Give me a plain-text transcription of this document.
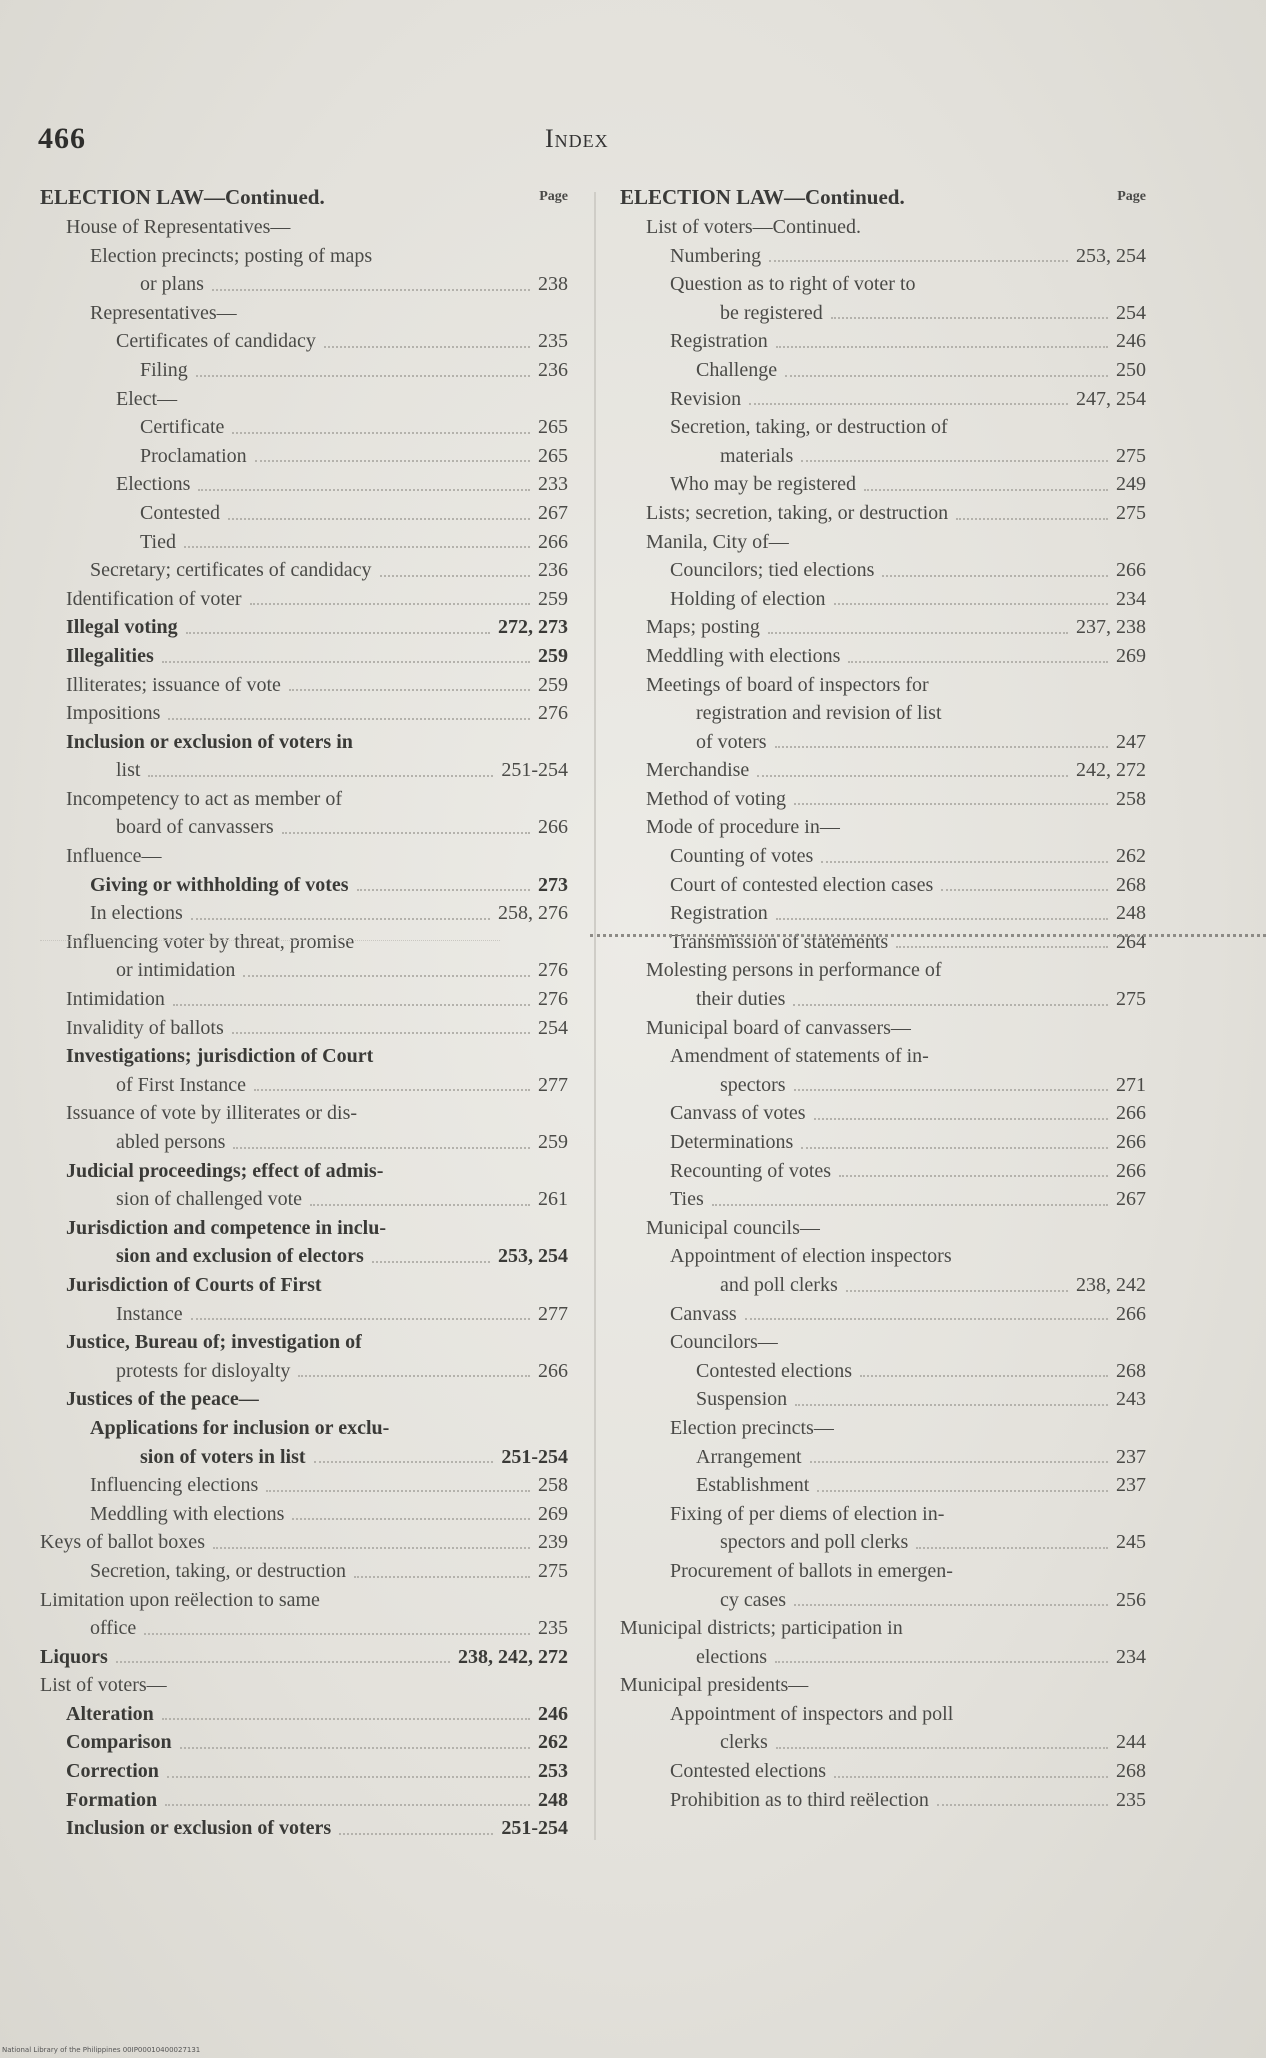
466	Index
ELECTION LAW—Continued.	Page
House of Representatives—
Election precincts; posting of maps
or plans	238
Representatives—
Certificates of candidacy	235
Filing	236
Elect—
Certificate	265
Proclamation	265
Elections	233
Contested	267
Tied	266
Secretary; certificates of candidacy	236
Identification of voter	259
Illegal voting	272, 273
Illegalities	259
Illiterates; issuance of vote	259
Impositions	276
Inclusion or exclusion of voters in
list	251-254
Incompetency to act as member of
board of canvassers	266
Influence—
Giving or withholding of votes	273
In elections	258, 276
Influencing voter by threat, promise
or intimidation	276
Intimidation	276
Invalidity of ballots	254
Investigations; jurisdiction of Court
of First Instance	277
Issuance of vote by illiterates or dis-
abled persons	259
Judicial proceedings; effect of admis-
sion of challenged vote	261
Jurisdiction and competence in inclu-
sion and exclusion of electors	253, 254
Jurisdiction of Courts of First
Instance	277
Justice, Bureau of; investigation of
protests for disloyalty	266
Justices of the peace—
Applications for inclusion or exclu-
sion of voters in list	251-254
Influencing elections	258
Meddling with elections	269
Keys of ballot boxes	239
Secretion, taking, or destruction	275
Limitation upon reëlection to same
office	235
Liquors	238, 242, 272
List of voters—
Alteration	246
Comparison	262
Correction	253
Formation	248
Inclusion or exclusion of voters	251-254
ELECTION LAW—Continued.	Page
List of voters—Continued.
Numbering	253, 254
Question as to right of voter to
be registered	254
Registration	246
Challenge	250
Revision	247, 254
Secretion, taking, or destruction of
materials	275
Who may be registered	249
Lists; secretion, taking, or destruction	275
Manila, City of—
Councilors; tied elections	266
Holding of election	234
Maps; posting	237, 238
Meddling with elections	269
Meetings of board of inspectors for
registration and revision of list
of voters	247
Merchandise	242, 272
Method of voting	258
Mode of procedure in—
Counting of votes	262
Court of contested election cases	268
Registration	248
Transmission of statements	264
Molesting persons in performance of
their duties	275
Municipal board of canvassers—
Amendment of statements of in-
spectors	271
Canvass of votes	266
Determinations	266
Recounting of votes	266
Ties	267
Municipal councils—
Appointment of election inspectors
and poll clerks	238, 242
Canvass	266
Councilors—
Contested elections	268
Suspension	243
Election precincts—
Arrangement	237
Establishment	237
Fixing of per diems of election in-
spectors and poll clerks	245
Procurement of ballots in emergen-
cy cases	256
Municipal districts; participation in
elections	234
Municipal presidents—
Appointment of inspectors and poll
clerks	244
Contested elections	268
Prohibition as to third reëlection	235
National Library of the Philippines 00IP00010400027131
